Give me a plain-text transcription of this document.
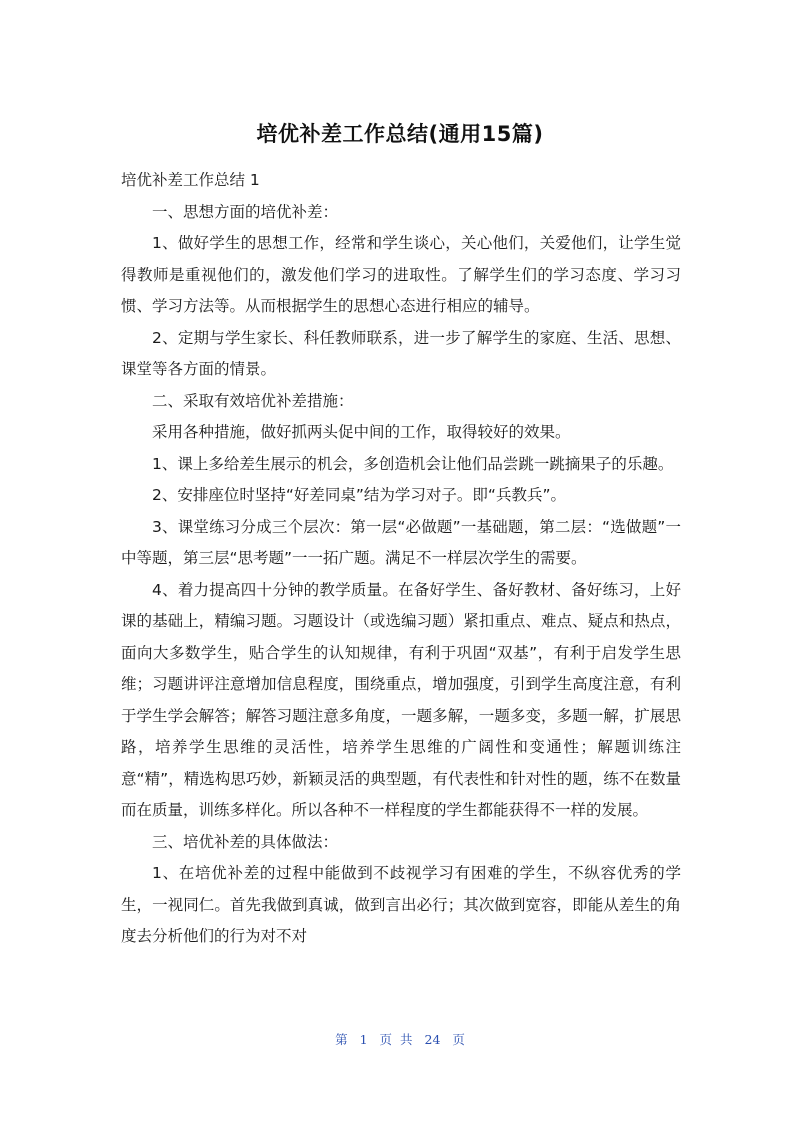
培优补差工作总结(通用15篇)

培优补差工作总结 1

一、思想方面的培优补差：

1、做好学生的思想工作，经常和学生谈心，关心他们，关爱他们，让学生觉得教师是重视他们的，激发他们学习的进取性。了解学生们的学习态度、学习习惯、学习方法等。从而根据学生的思想心态进行相应的辅导。

2、定期与学生家长、科任教师联系，进一步了解学生的家庭、生活、思想、课堂等各方面的情景。

二、采取有效培优补差措施：

采用各种措施，做好抓两头促中间的工作，取得较好的效果。

1、课上多给差生展示的机会，多创造机会让他们品尝跳一跳摘果子的乐趣。

2、安排座位时坚持“好差同桌”结为学习对子。即“兵教兵”。

3、课堂练习分成三个层次：第一层“必做题”一基础题，第二层：“选做题”一中等题，第三层“思考题”一一拓广题。满足不一样层次学生的需要。

4、着力提高四十分钟的教学质量。在备好学生、备好教材、备好练习，上好课的基础上，精编习题。习题设计（或选编习题）紧扣重点、难点、疑点和热点，面向大多数学生，贴合学生的认知规律，有利于巩固“双基”，有利于启发学生思维；习题讲评注意增加信息程度，围绕重点，增加强度，引到学生高度注意，有利于学生学会解答；解答习题注意多角度，一题多解，一题多变，多题一解，扩展思路，培养学生思维的灵活性，培养学生思维的广阔性和变通性；解题训练注意“精”，精选构思巧妙，新颖灵活的典型题，有代表性和针对性的题，练不在数量而在质量，训练多样化。所以各种不一样程度的学生都能获得不一样的发展。

三、培优补差的具体做法：

1、在培优补差的过程中能做到不歧视学习有困难的学生，不纵容优秀的学生，一视同仁。首先我做到真诚，做到言出必行；其次做到宽容，即能从差生的角度去分析他们的行为对不对

第 1 页 共 24 页
